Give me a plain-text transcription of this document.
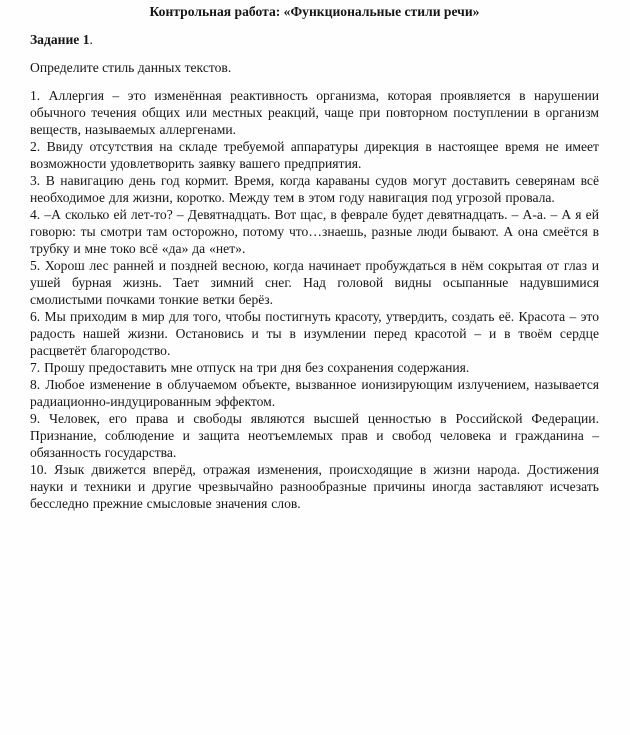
Контрольная работа: «Функциональные стили речи»

Задание 1.

Определите стиль данных текстов.

1. Аллергия – это изменённая реактивность организма, которая проявляется в нарушении обычного течения общих или местных реакций, чаще при повторном поступлении в организм веществ, называемых аллергенами.

2. Ввиду отсутствия на складе требуемой аппаратуры дирекция в настоящее время не имеет возможности удовлетворить заявку вашего предприятия.

3. В навигацию день год кормит. Время, когда караваны судов могут доставить северянам всё необходимое для жизни, коротко. Между тем в этом году навигация под угрозой провала.

4. –А сколько ей лет-то? – Девятнадцать. Вот щас, в феврале будет девятнадцать. – А-а. – А я ей говорю: ты смотри там осторожно, потому что…знаешь, разные люди бывают. А она смеётся в трубку и мне токо всё «да» да «нет».

5. Хорош лес ранней и поздней весною, когда начинает пробуждаться в нём сокрытая от глаз и ушей бурная жизнь. Тает зимний снег. Над головой видны осыпанные надувшимися смолистыми почками тонкие ветки берёз.

6. Мы приходим в мир для того, чтобы постигнуть красоту, утвердить, создать её. Красота – это радость нашей жизни. Остановись и ты в изумлении перед красотой – и в твоём сердце расцветёт благородство.

7. Прошу предоставить мне отпуск на три дня без сохранения содержания.

8. Любое изменение в облучаемом объекте, вызванное ионизирующим излучением, называется радиационно-индуцированным эффектом.

9. Человек, его права и свободы являются высшей ценностью в Российской Федерации. Признание, соблюдение и защита неотъемлемых прав и свобод человека и гражданина – обязанность государства.

10. Язык движется вперёд, отражая изменения, происходящие в жизни народа. Достижения науки и техники и другие чрезвычайно разнообразные причины иногда заставляют исчезать бесследно прежние смысловые значения слов.
